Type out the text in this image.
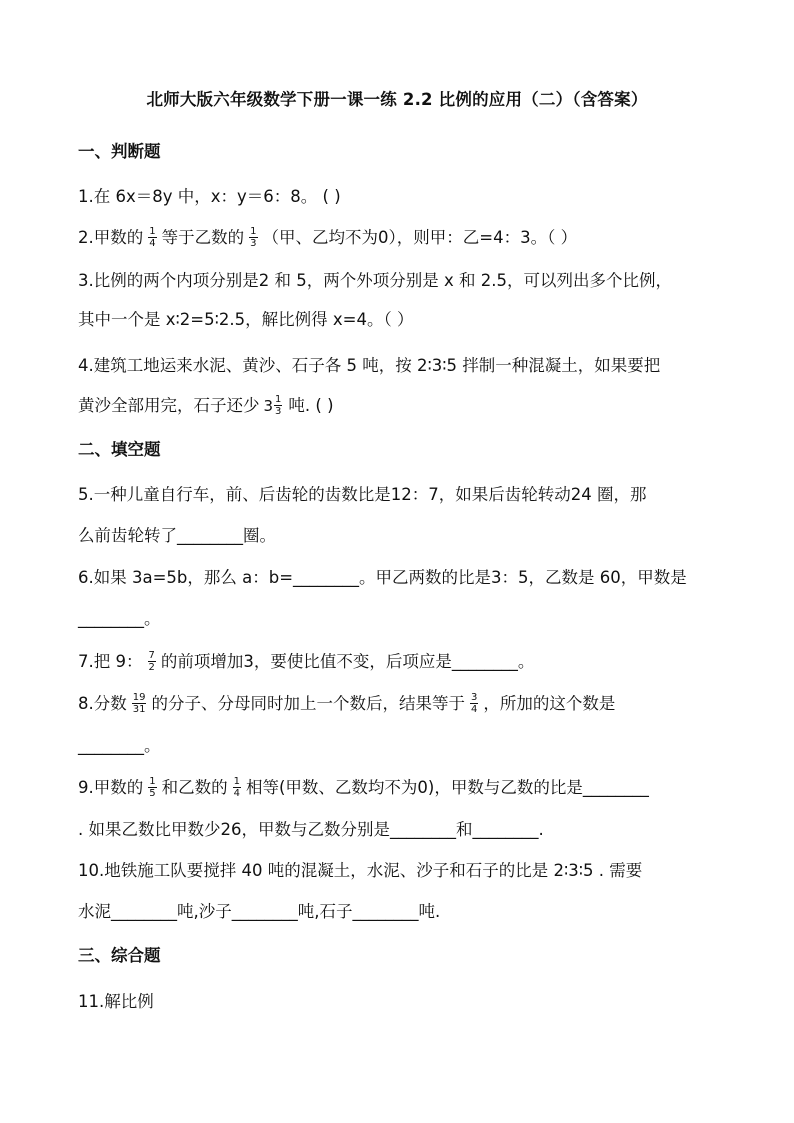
北师大版六年级数学下册一课一练 2.2 比例的应用（二）（含答案）
一、判断题
1.在 6x＝8y 中，x：y＝6：8。 ( )
2.甲数的 $\frac{1}{4}$ 等于乙数的 $\frac{1}{3}$ （甲、乙均不为0），则甲：乙=4：3。（ ）
3.比例的两个内项分别是2 和 5，两个外项分别是 x 和 2.5，可以列出多个比例，
其中一个是 x∶2=5∶2.5，解比例得 x=4。（ ）
4.建筑工地运来水泥、黄沙、石子各 5 吨，按 2∶3∶5 拌制一种混凝土，如果要把
黄沙全部用完，石子还少 $3 \frac{1}{3}$ 吨. ( )
二、填空题
5.一种儿童自行车，前、后齿轮的齿数比是12：7，如果后齿轮转动24 圈，那
么前齿轮转了________圈。
6.如果 3a=5b，那么 a：b=________。甲乙两数的比是3：5，乙数是 60，甲数是
________。
7.把 9： $\frac{7}{2}$ 的前项增加3，要使比值不变，后项应是________。
8.分数 $\frac{19}{31}$ 的分子、分母同时加上一个数后，结果等于 $\frac{3}{4}$ ，所加的这个数是
________。
9.甲数的 $\frac{1}{5}$ 和乙数的 $\frac{1}{4}$ 相等(甲数、乙数均不为0)，甲数与乙数的比是________
. 如果乙数比甲数少26，甲数与乙数分别是________和________.
10.地铁施工队要搅拌 40 吨的混凝土，水泥、沙子和石子的比是 2∶3∶5 . 需要
水泥________吨,沙子________吨,石子________吨.
三、综合题
11.解比例
